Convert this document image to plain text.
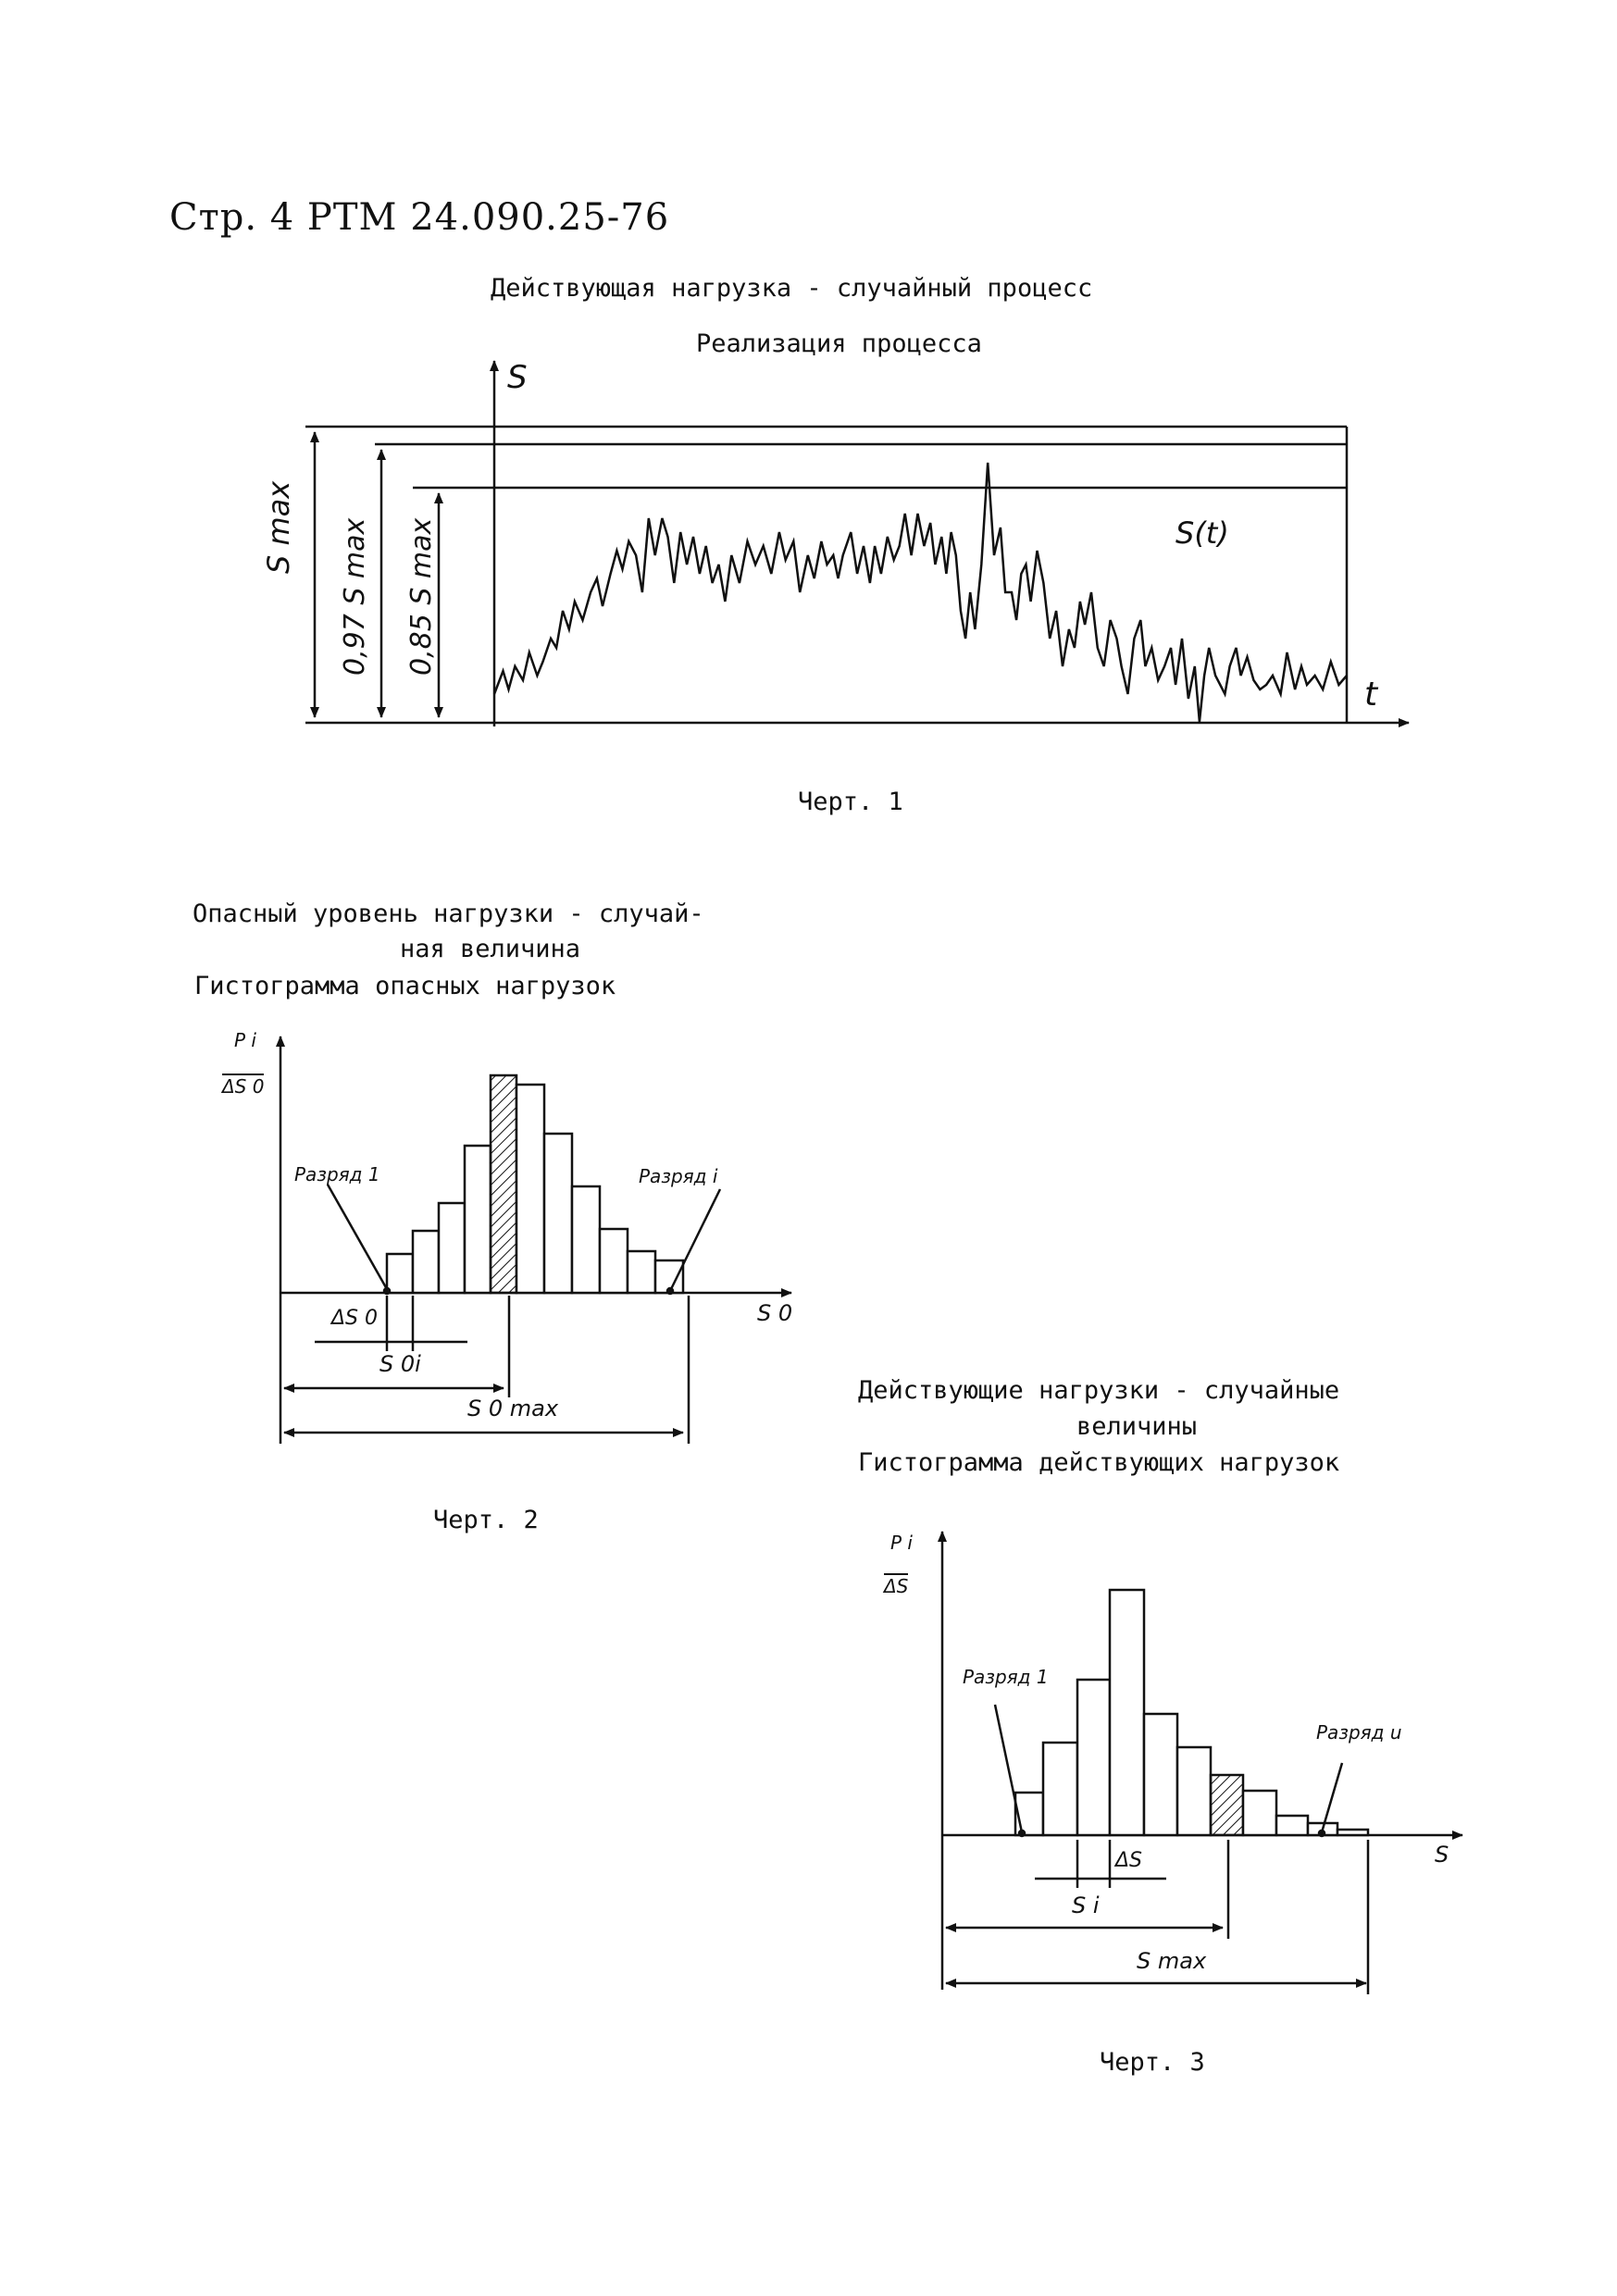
Стр. 4 РТМ 24.090.25-76
Действующая нагрузка - случайный процесс
Реализация процесса
Черт. 1
Опасный уровень нагрузки - случай-
ная величина
Гистограмма опасных нагрузок
Черт. 2
Действующие нагрузки - случайные
величины
Гистограмма действующих нагрузок
Черт. 3
S
t
S(t)
S max 0,97 S max 0,85 S max
P i
ΔS 0
S 0
Разряд 1	Разряд i
ΔS 0
S 0i
S 0 max
P i
ΔS
S
Разряд 1
Разряд u
ΔS
S i
S max
